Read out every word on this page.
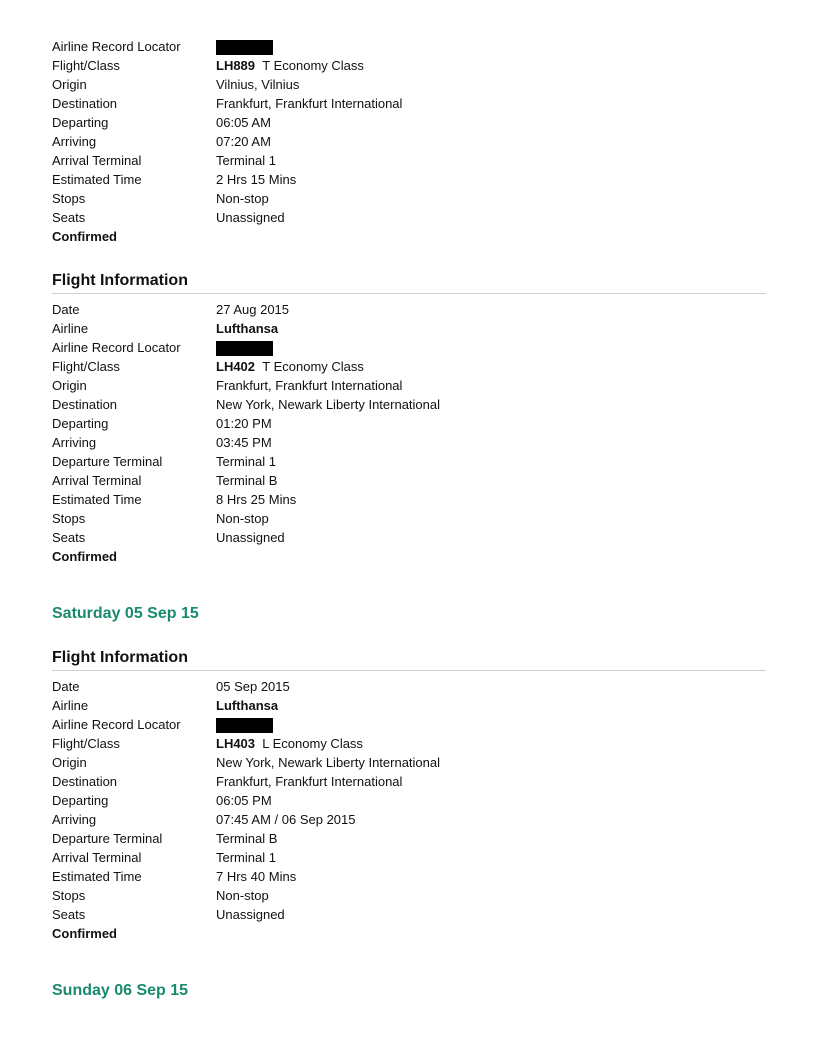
Airline Record Locator
Flight/Class	LH889 T Economy Class
Origin	Vilnius, Vilnius
Destination	Frankfurt, Frankfurt International
Departing	06:05 AM
Arriving	07:20 AM
Arrival Terminal	Terminal 1
Estimated Time	2 Hrs 15 Mins
Stops	Non-stop
Seats	Unassigned
Confirmed
Flight Information
Date	27 Aug 2015
Airline	Lufthansa
Airline Record Locator
Flight/Class	LH402 T Economy Class
Origin	Frankfurt, Frankfurt International
Destination	New York, Newark Liberty International
Departing	01:20 PM
Arriving	03:45 PM
Departure Terminal	Terminal 1
Arrival Terminal	Terminal B
Estimated Time	8 Hrs 25 Mins
Stops	Non-stop
Seats	Unassigned
Confirmed
Saturday 05 Sep 15
Flight Information
Date	05 Sep 2015
Airline	Lufthansa
Airline Record Locator
Flight/Class	LH403 L Economy Class
Origin	New York, Newark Liberty International
Destination	Frankfurt, Frankfurt International
Departing	06:05 PM
Arriving	07:45 AM / 06 Sep 2015
Departure Terminal	Terminal B
Arrival Terminal	Terminal 1
Estimated Time	7 Hrs 40 Mins
Stops	Non-stop
Seats	Unassigned
Confirmed
Sunday 06 Sep 15
